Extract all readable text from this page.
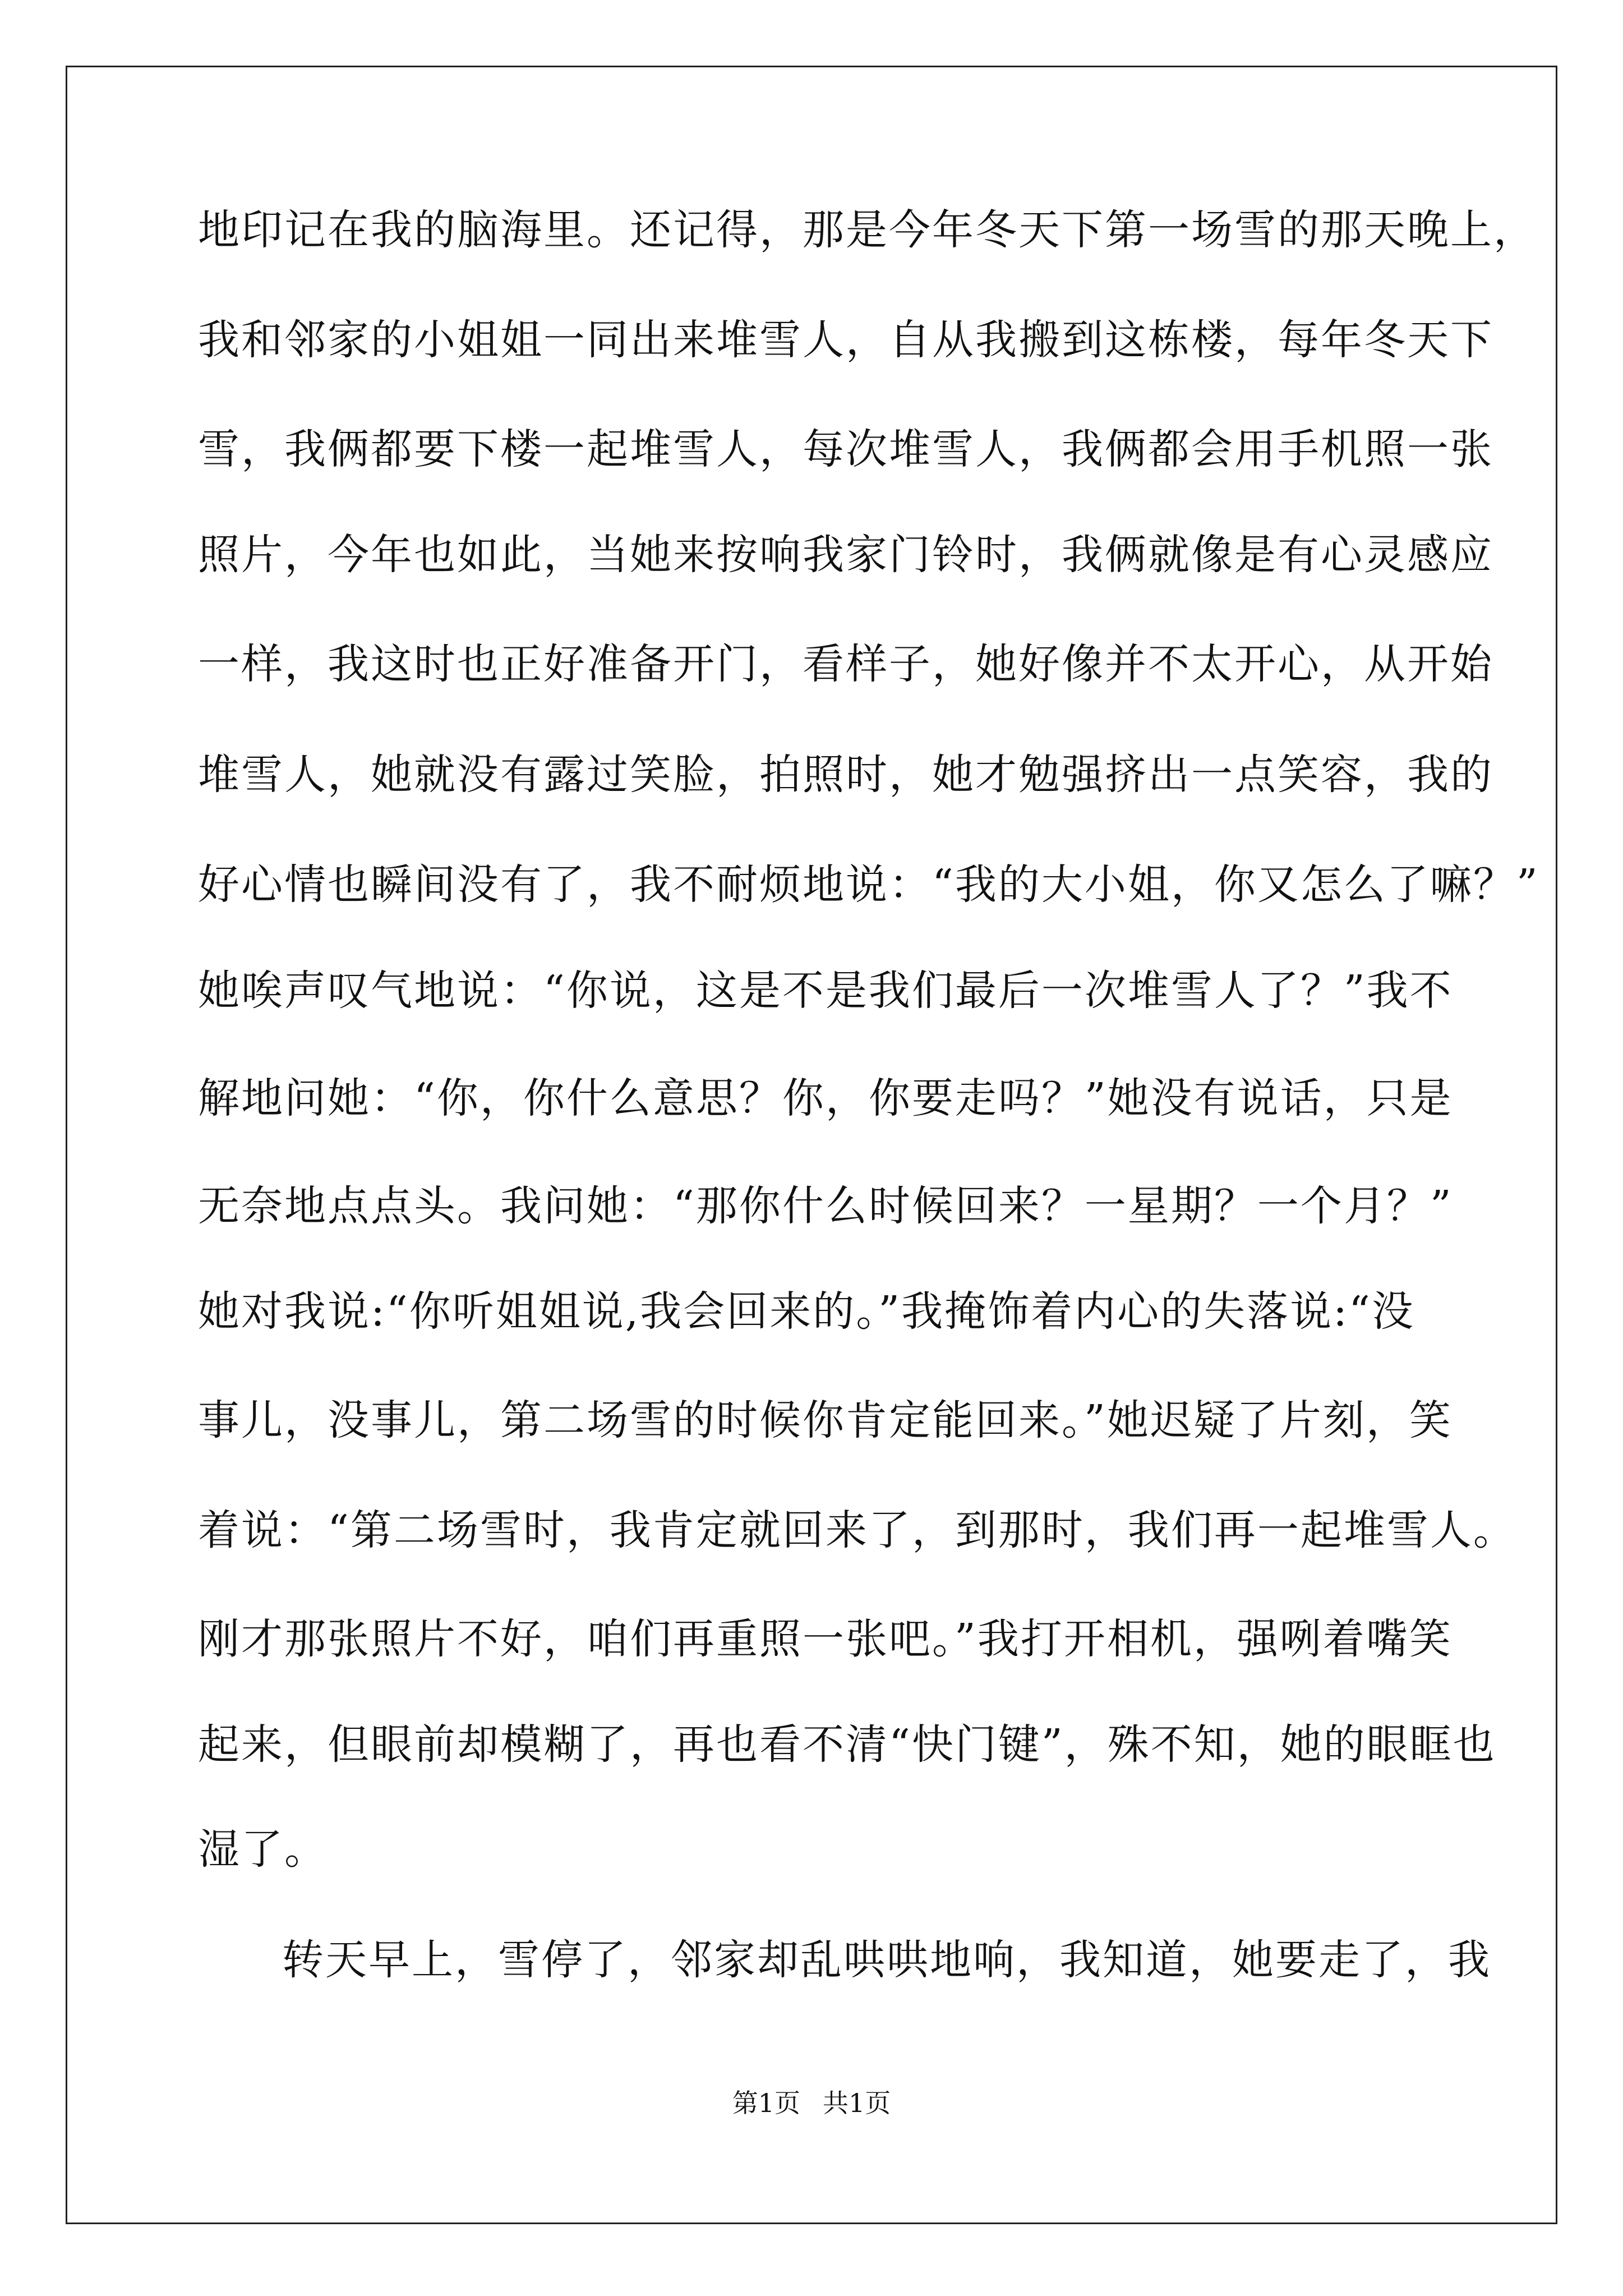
地印记在我的脑海里。还记得，那是今年冬天下第一场雪的那天晚上，
我和邻家的小姐姐一同出来堆雪人，自从我搬到这栋楼，每年冬天下
雪，我俩都要下楼一起堆雪人，每次堆雪人，我俩都会用手机照一张
照片，今年也如此，当她来按响我家门铃时，我俩就像是有心灵感应
一样，我这时也正好准备开门，看样子，她好像并不太开心，从开始
堆雪人，她就没有露过笑脸，拍照时，她才勉强挤出一点笑容，我的
好心情也瞬间没有了，我不耐烦地说：“我的大小姐，你又怎么了嘛？”
她唉声叹气地说：“你说，这是不是我们最后一次堆雪人了？”我不
解地问她：“你，你什么意思？你，你要走吗？”她没有说话，只是
无奈地点点头。我问她：“那你什么时候回来？一星期？一个月？”
她对我说:“你听姐姐说,我会回来的。”我掩饰着内心的失落说:“没
事儿，没事儿，第二场雪的时候你肯定能回来。”她迟疑了片刻，笑
着说：“第二场雪时，我肯定就回来了，到那时，我们再一起堆雪人。
刚才那张照片不好，咱们再重照一张吧。”我打开相机，强咧着嘴笑
起来，但眼前却模糊了，再也看不清“快门键”，殊不知，她的眼眶也
湿了。
转天早上，雪停了，邻家却乱哄哄地响，我知道，她要走了，我
第1页 共1页
